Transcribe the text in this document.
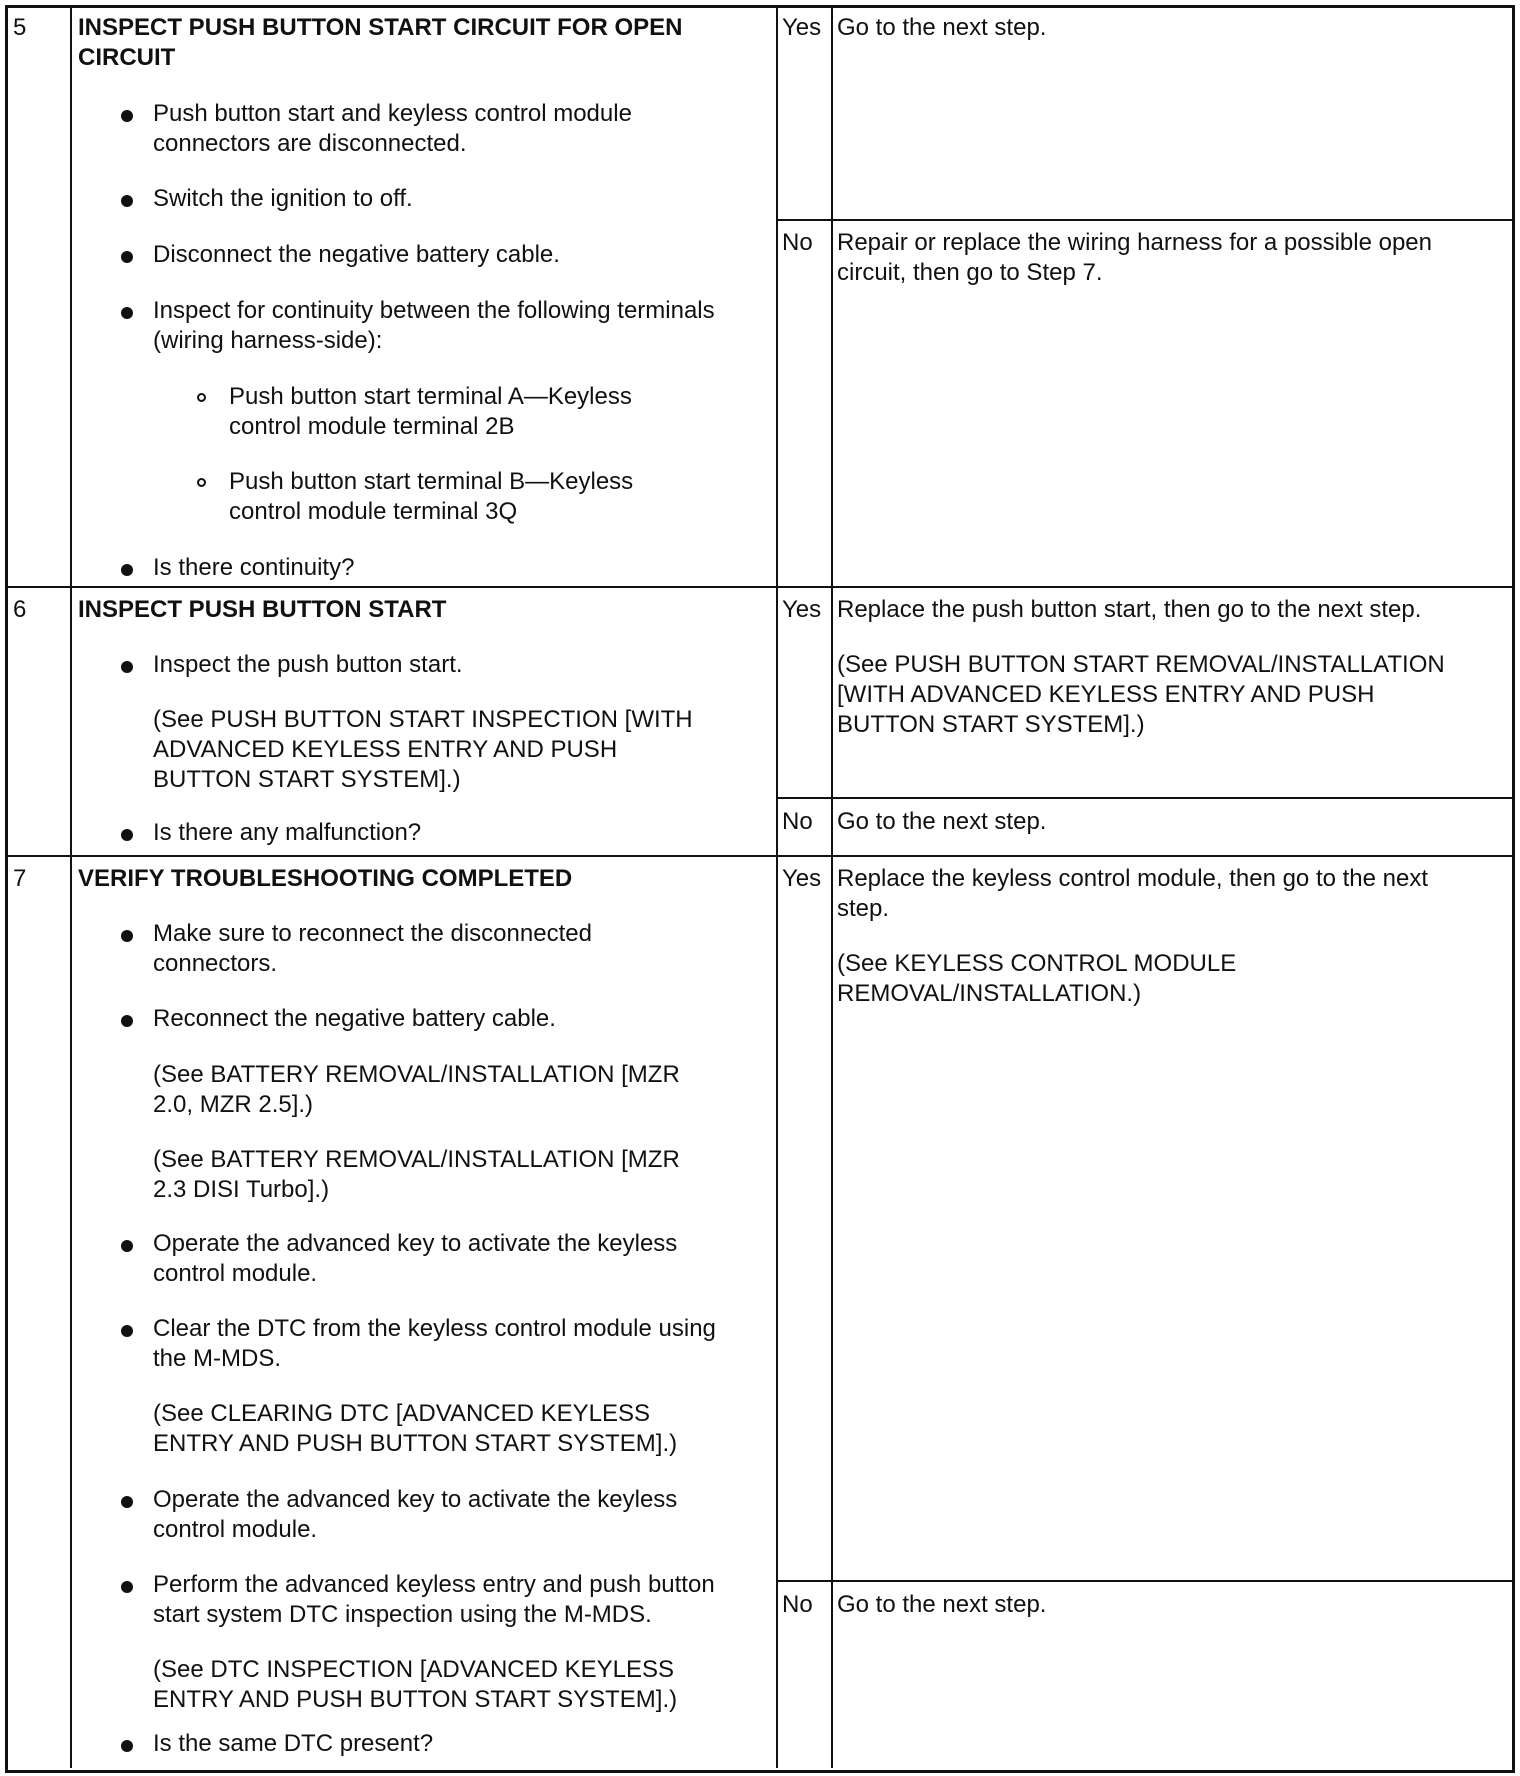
5 INSPECT PUSH BUTTON START CIRCUIT FOR OPEN
CIRCUIT
Push button start and keyless control module
connectors are disconnected.
Switch the ignition to off.
Disconnect the negative battery cable.
Inspect for continuity between the following terminals
(wiring harness-side):
Is there continuity?
Push button start terminal A—Keyless
control module terminal 2B
Push button start terminal B—Keyless
control module terminal 3Q
Yes Go to the next step.
No Repair or replace the wiring harness for a possible open
circuit, then go to Step 7.
6 INSPECT PUSH BUTTON START
Inspect the push button start.
Is there any malfunction?
(See PUSH BUTTON START INSPECTION [WITH
ADVANCED KEYLESS ENTRY AND PUSH
BUTTON START SYSTEM].)
Yes Replace the push button start, then go to the next step.
(See PUSH BUTTON START REMOVAL/INSTALLATION
[WITH ADVANCED KEYLESS ENTRY AND PUSH
BUTTON START SYSTEM].)
No Go to the next step.
7 VERIFY TROUBLESHOOTING COMPLETED
Make sure to reconnect the disconnected
connectors.
Reconnect the negative battery cable.
Operate the advanced key to activate the keyless
control module.
Clear the DTC from the keyless control module using
the M-MDS.
Operate the advanced key to activate the keyless
control module.
Perform the advanced keyless entry and push button
start system DTC inspection using the M-MDS.
Is the same DTC present?
(See BATTERY REMOVAL/INSTALLATION [MZR
2.0, MZR 2.5].)
(See BATTERY REMOVAL/INSTALLATION [MZR
2.3 DISI Turbo].)
(See CLEARING DTC [ADVANCED KEYLESS
ENTRY AND PUSH BUTTON START SYSTEM].)
(See DTC INSPECTION [ADVANCED KEYLESS
ENTRY AND PUSH BUTTON START SYSTEM].)
Yes Replace the keyless control module, then go to the next
step.
(See KEYLESS CONTROL MODULE
REMOVAL/INSTALLATION.)
No Go to the next step.
